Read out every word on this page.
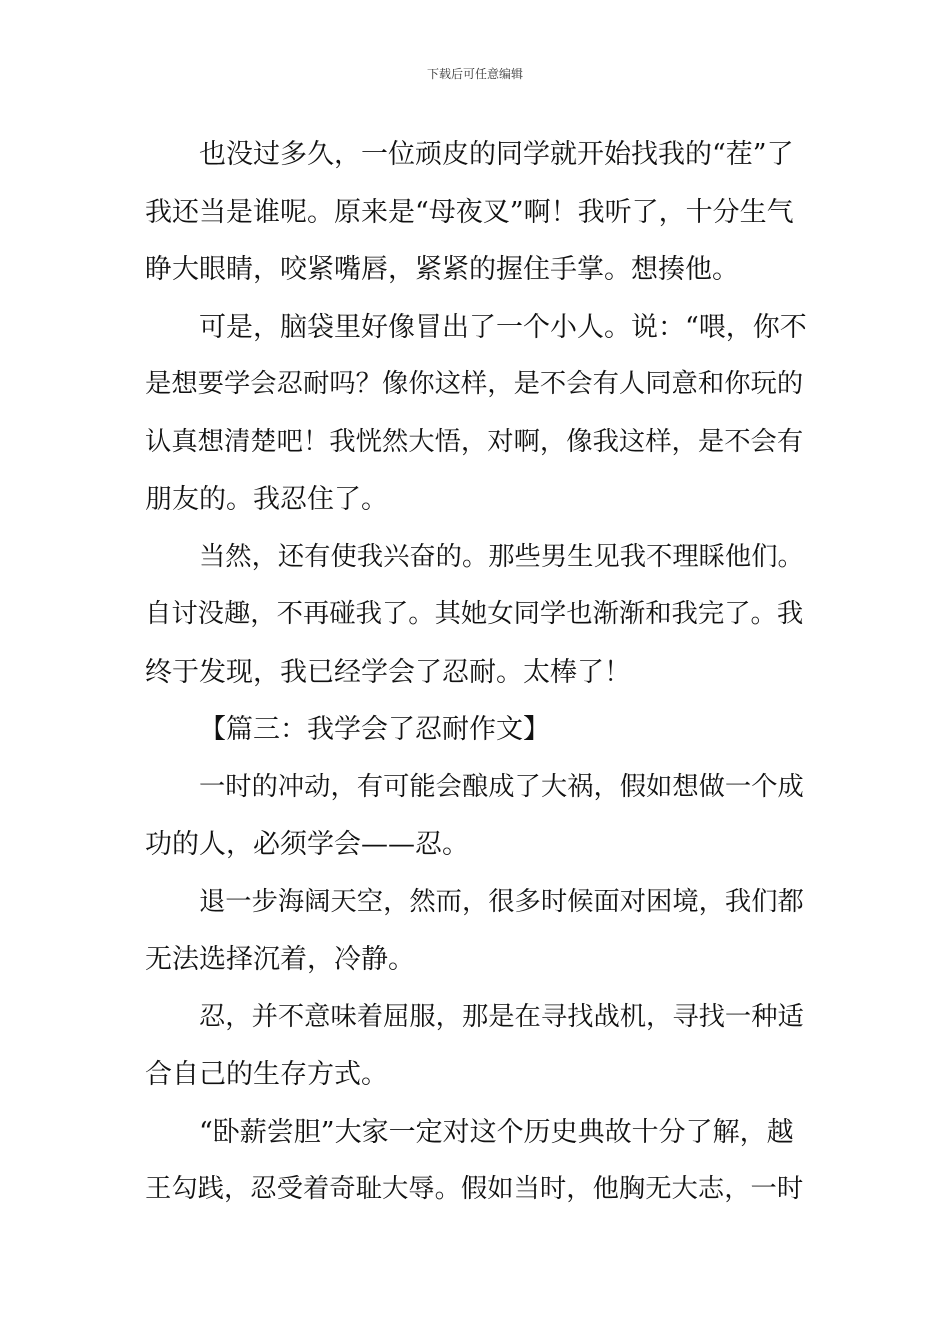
下载后可任意编辑
也没过多久，一位顽皮的同学就开始找我的“茬”了
我还当是谁呢。原来是“母夜叉”啊！我听了，十分生气
睁大眼睛，咬紧嘴唇，紧紧的握住手掌。想揍他。
可是，脑袋里好像冒出了一个小人。说：“喂，你不
是想要学会忍耐吗？像你这样，是不会有人同意和你玩的
认真想清楚吧！我恍然大悟，对啊，像我这样，是不会有
朋友的。我忍住了。
当然，还有使我兴奋的。那些男生见我不理睬他们。
自讨没趣，不再碰我了。其她女同学也渐渐和我完了。我
终于发现，我已经学会了忍耐。太棒了！
【篇三：我学会了忍耐作文】
一时的冲动，有可能会酿成了大祸，假如想做一个成
功的人，必须学会——忍。
退一步海阔天空，然而，很多时候面对困境，我们都
无法选择沉着，冷静。
忍，并不意味着屈服，那是在寻找战机，寻找一种适
合自己的生存方式。
“卧薪尝胆”大家一定对这个历史典故十分了解，越
王勾践，忍受着奇耻大辱。假如当时，他胸无大志，一时
